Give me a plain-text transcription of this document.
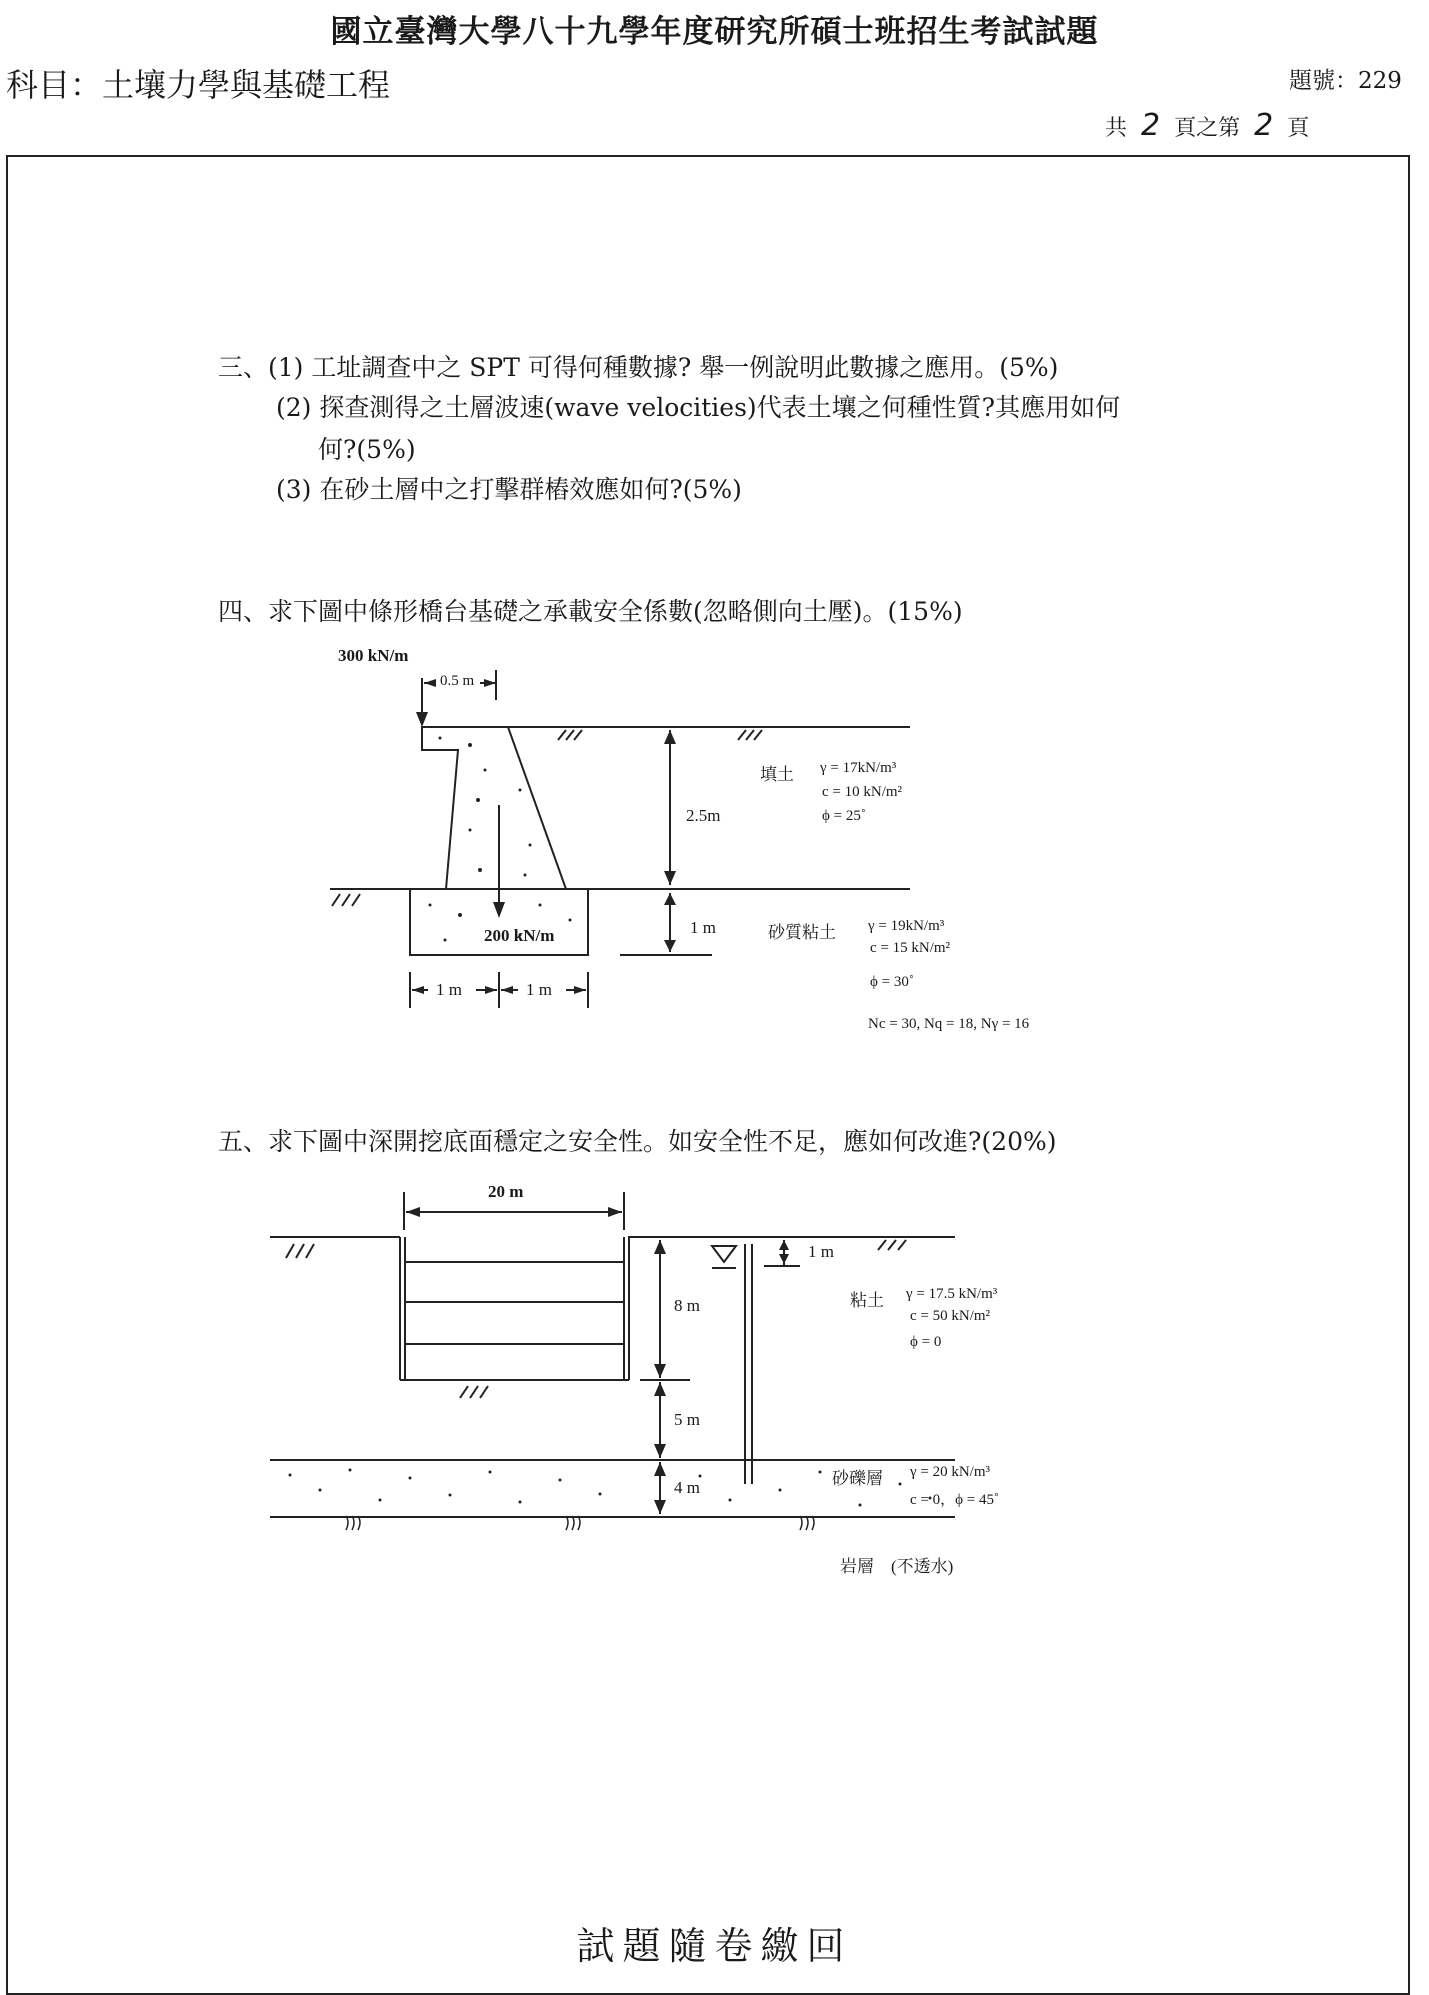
國立臺灣大學八十九學年度研究所碩士班招生考試試題
科目：土壤力學與基礎工程	題號：229
共 2 頁之第 2 頁
三、(1) 工址調查中之 SPT 可得何種數據? 舉一例說明此數據之應用。(5%)
(2) 探查測得之土層波速(wave velocities)代表土壤之何種性質?其應用如何
何?(5%)
(3) 在砂土層中之打擊群樁效應如何?(5%)
四、求下圖中條形橋台基礎之承載安全係數(忽略側向土壓)。(15%)
300 kN/m
0.5 m
200 kN/m
2.5m
1 m
1 m	1 m
填土 γ = 17kN/m³
c = 10 kN/m²
ϕ = 25˚
砂質粘土 γ = 19kN/m³
c = 15 kN/m²
ϕ = 30˚
Nc = 30, Nq = 18, Nγ = 16
五、求下圖中深開挖底面穩定之安全性。如安全性不足，應如何改進?(20%)
20 m
1 m
8 m
5 m
4 m
粘土 γ = 17.5 kN/m³
c = 50 kN/m²
ϕ = 0
砂礫層 γ = 20 kN/m³
c = 0，ϕ = 45˚
岩層　(不透水)
試題隨卷繳回
